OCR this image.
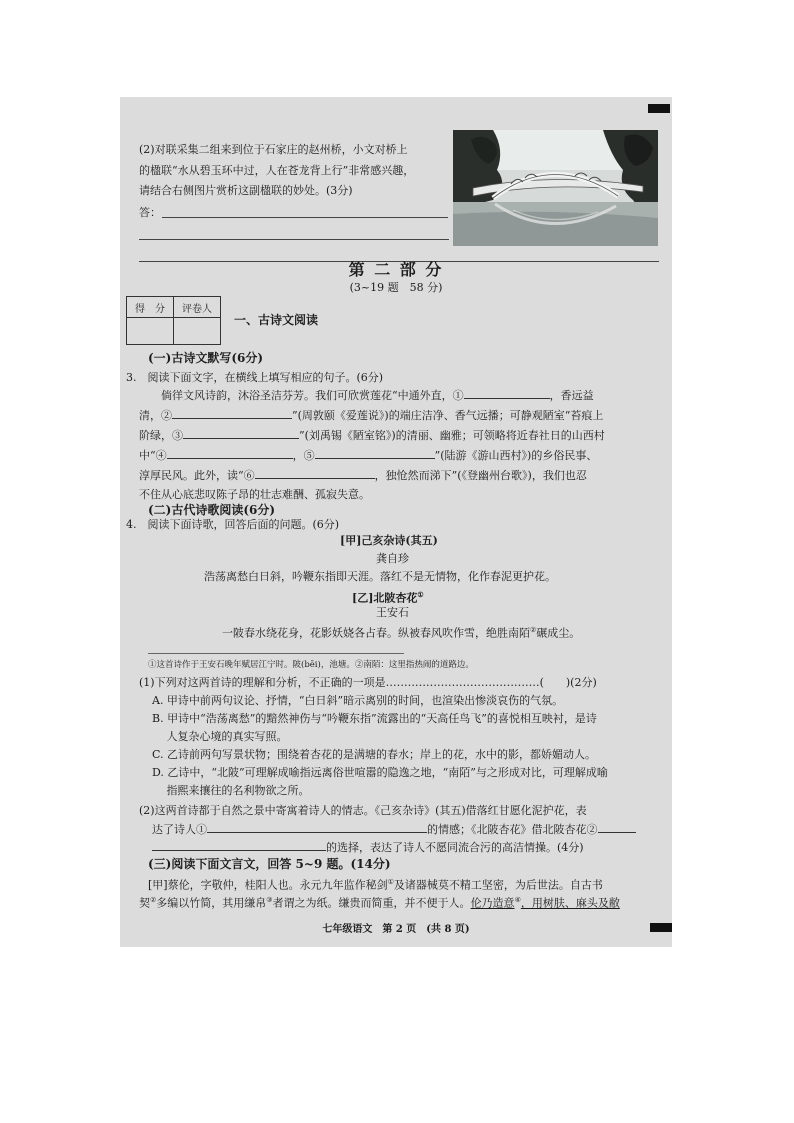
(2)对联采集二组来到位于石家庄的赵州桥，小文对桥上
的楹联“水从碧玉环中过，人在苍龙背上行”非常感兴趣，
请结合右侧图片赏析这副楹联的妙处。(3分)
答：
第 二 部 分
(3~19 题　58 分)
得　分	评卷人

一、古诗文阅读
(一)古诗文默写(6分)
3.　阅读下面文字，在横线上填写相应的句子。(6分)
　　倘徉文风诗韵，沐浴圣洁芬芳。我们可欣赏莲花“中通外直，①	，香远益
清，②	”(周敦颐《爱莲说》)的端庄洁净、香气远播；可静观陋室“苔痕上
阶绿，③	”(刘禹锡《陋室铭》)的清丽、幽雅；可领略将近春社日的山西村
中“④	，⑤	”(陆游《游山西村》)的乡俗民事、
淳厚民风。此外，读“⑥	，独怆然而涕下”(《登幽州台歌》)，我们也忍
不住从心底悲叹陈子昂的壮志难酬、孤寂失意。
(二)古代诗歌阅读(6分)
4.　阅读下面诗歌，回答后面的问题。(6分)
[甲]己亥杂诗(其五)
龚自珍
浩荡离愁白日斜，吟鞭东指即天涯。落红不是无情物，化作春泥更护花。
[乙]北陂杏花①
王安石
一陂春水绕花身，花影妖娆各占春。纵被春风吹作雪，绝胜南陌②碾成尘。
①这首诗作于王安石晚年赋居江宁时。陂(bēi)，池塘。②南陌：这里指热闹的道路边。
(1)下列对这两首诗的理解和分析，不正确的一项是……………………………………(　　)(2分)
A. 甲诗中前两句议论、抒情，“白日斜”暗示离别的时间，也渲染出惨淡哀伤的气氛。
B. 甲诗中“浩荡离愁”的黯然神伤与“吟鞭东指”流露出的“天高任鸟飞”的喜悦相互映衬，是诗
　 人复杂心境的真实写照。
C. 乙诗前两句写景状物；围绕着杏花的是满塘的春水；岸上的花，水中的影，都娇媚动人。
D. 乙诗中，“北陂”可理解成喻指远离俗世喧嚣的隐逸之地，“南陌”与之形成对比，可理解成喻
　 指熙来攘往的名利物欲之所。
(2)这两首诗都于自然之景中寄寓着诗人的情志。《己亥杂诗》(其五)借落红甘愿化泥护花，表
达了诗人①	的情感；《北陂杏花》借北陂杏花②
的选择，表达了诗人不愿同流合污的高洁情操。(4分)
(三)阅读下面文言文，回答 5~9 题。(14分)
[甲]蔡伦，字敬仲，桂阳人也。永元九年监作秘剑①及诸器械莫不精工坚密，为后世法。自古书
契②多编以竹简，其用缣帛③者谓之为纸。缣贵而简重，并不便于人。伦乃造意④，用树肤、麻头及敝
七年级语文　第 2 页　(共 8 页)
